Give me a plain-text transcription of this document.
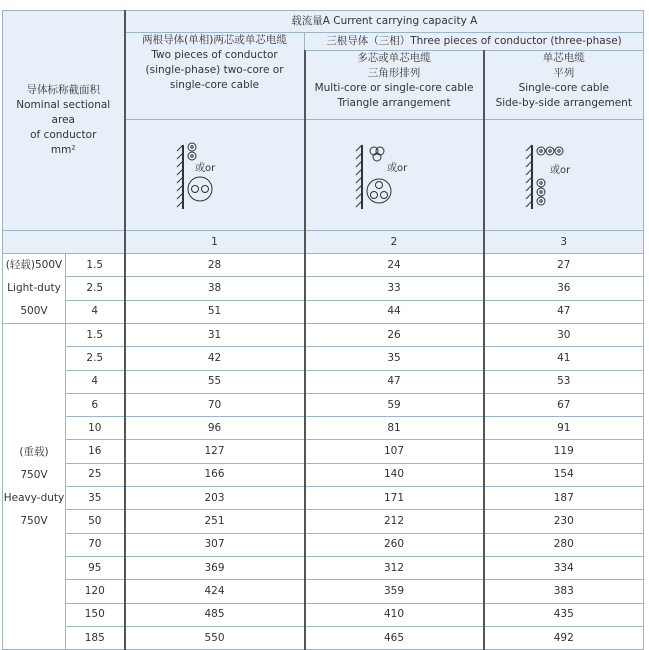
导体标称截面积
Nominal sectional area
of conductor
mm²		载流量A Current carrying capacity A		

		两根导体(单相)两芯或单芯电缆
Two pieces of conductor
(single-phase) two-core or
single-core cable	三根导体（三相）Three pieces of conductor (three-phase)	

			多芯或单芯电缆
三角形排列
Multi-core or single-core cable
Triangle arrangement	单芯电缆
平列
Single-core cable
Side-by-side arrangement

或or	或or	或or

		1	2	3

(轻载)500V
Light-duty
500V	1.5	28	24	27
	2.5	38	33	36
	4	51	44	47

(重载)
750V
Heavy-duty
750V	1.5	31	26	30
	2.5	42	35	41
	4	55	47	53
	6	70	59	67
	10	96	81	91
	16	127	107	119
	25	166	140	154
	35	203	171	187
	50	251	212	230
	70	307	260	280
	95	369	312	334
	120	424	359	383
	150	485	410	435
	185	550	465	492
